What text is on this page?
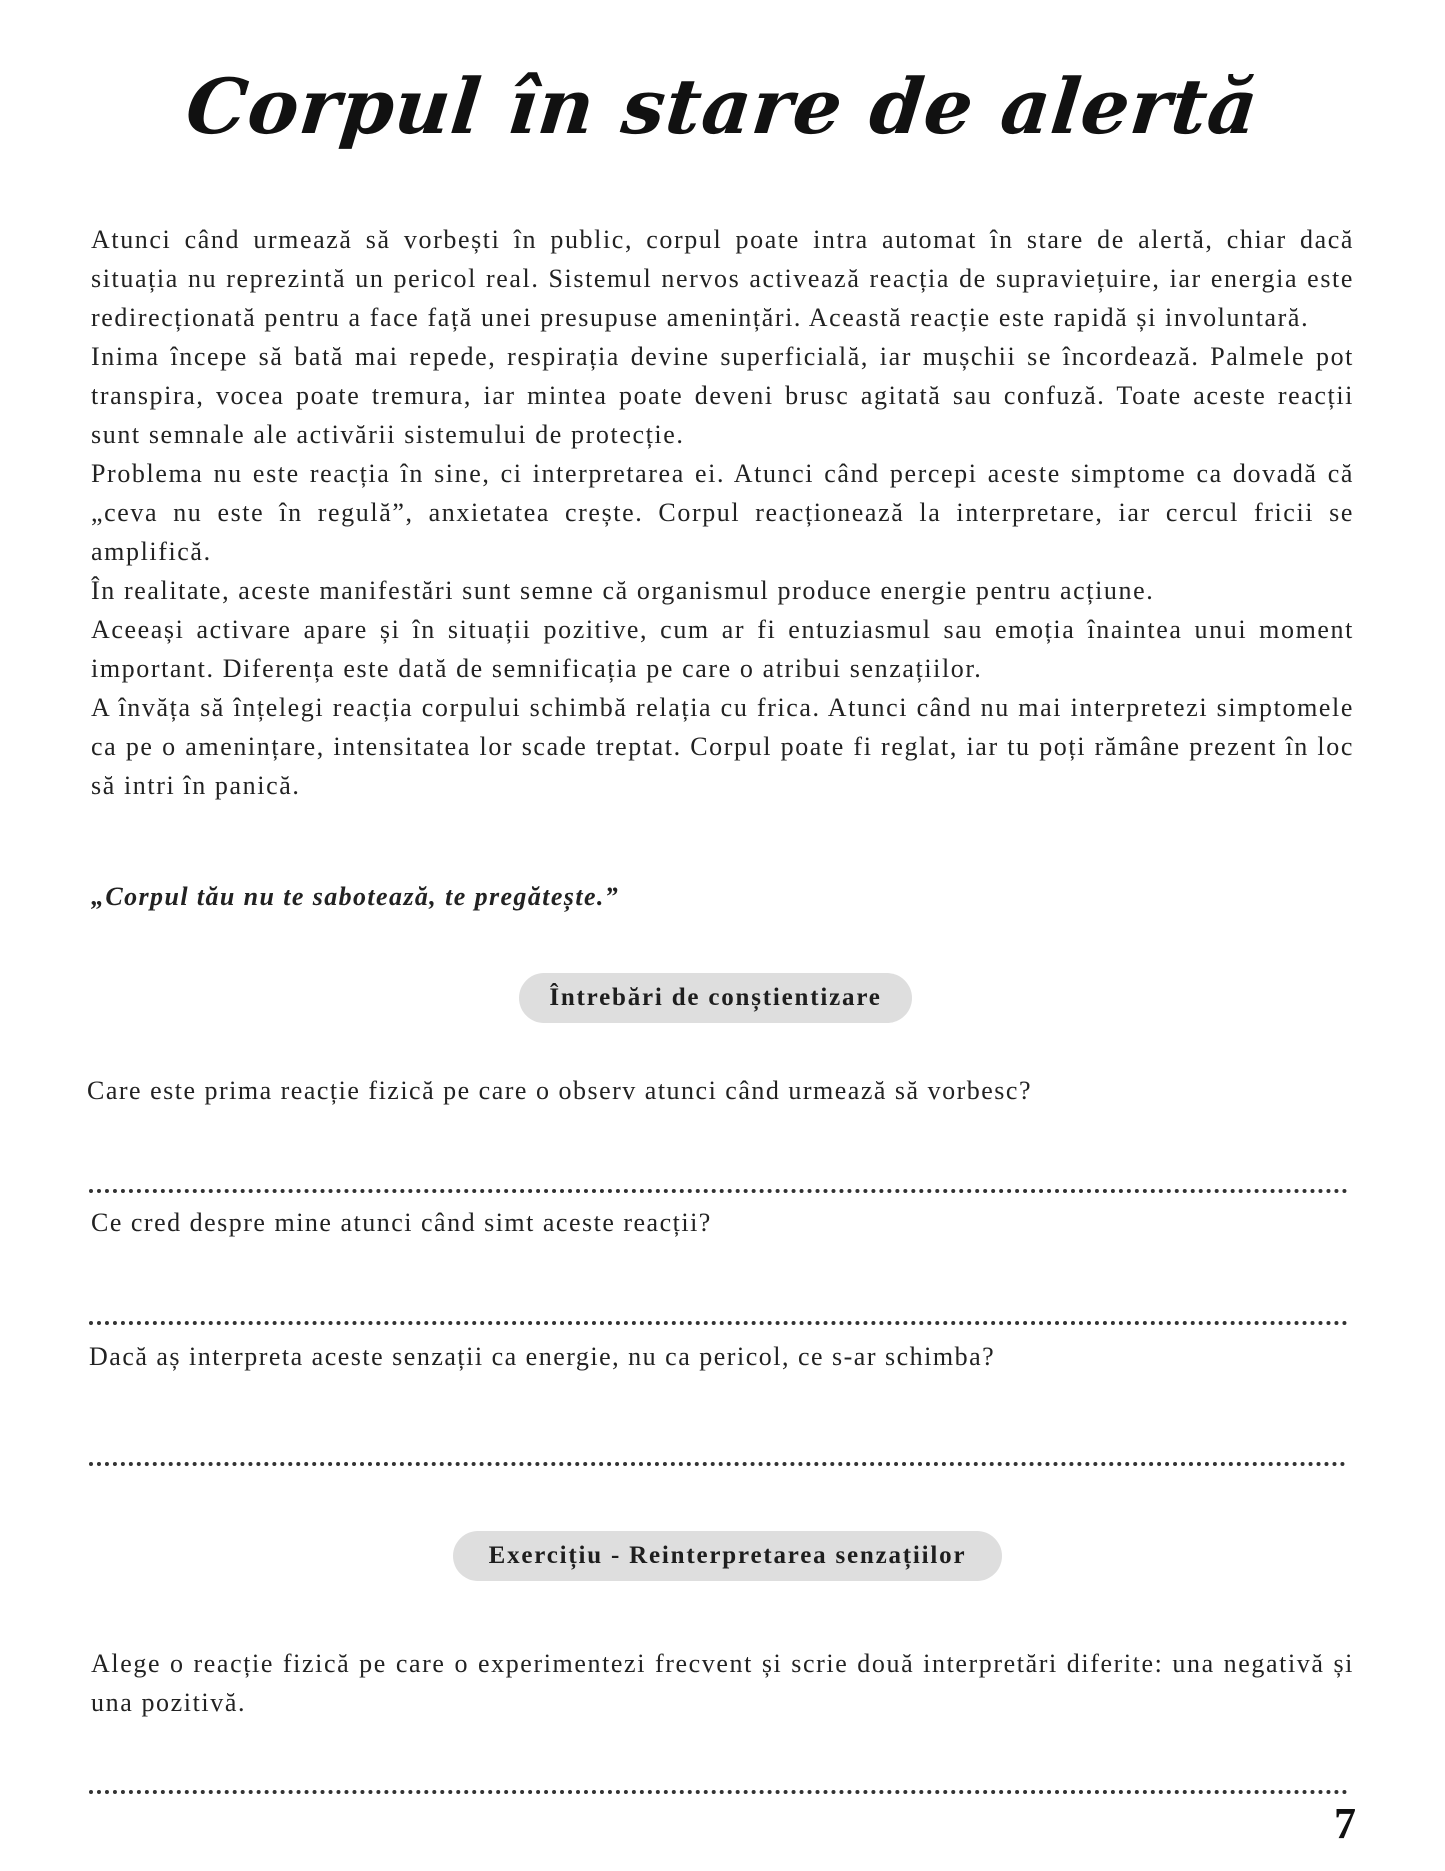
Corpul în stare de alertă

Atunci când urmează să vorbești în public, corpul poate intra automat în stare de alertă, chiar dacă situația nu reprezintă un pericol real. Sistemul nervos activează reacția de supraviețuire, iar energia este redirecționată pentru a face față unei presupuse amenințări. Această reacție este rapidă și involuntară.

Inima începe să bată mai repede, respirația devine superficială, iar mușchii se încordează. Palmele pot transpira, vocea poate tremura, iar mintea poate deveni brusc agitată sau confuză. Toate aceste reacții sunt semnale ale activării sistemului de protecție.

Problema nu este reacția în sine, ci interpretarea ei. Atunci când percepi aceste simptome ca dovadă că „ceva nu este în regulă”, anxietatea crește. Corpul reacționează la interpretare, iar cercul fricii se amplifică.

În realitate, aceste manifestări sunt semne că organismul produce energie pentru acțiune.

Aceeași activare apare și în situații pozitive, cum ar fi entuziasmul sau emoția înaintea unui moment important. Diferența este dată de semnificația pe care o atribui senzațiilor.

A învăța să înțelegi reacția corpului schimbă relația cu frica. Atunci când nu mai interpretezi simptomele ca pe o amenințare, intensitatea lor scade treptat. Corpul poate fi reglat, iar tu poți rămâne prezent în loc să intri în panică.

„Corpul tău nu te sabotează, te pregătește.”
Întrebări de conștientizare
Care este prima reacție fizică pe care o observ atunci când urmează să vorbesc?
Ce cred despre mine atunci când simt aceste reacții?
Dacă aș interpreta aceste senzații ca energie, nu ca pericol, ce s-ar schimba?
Exercițiu - Reinterpretarea senzațiilor
Alege o reacție fizică pe care o experimentezi frecvent și scrie două interpretări diferite: una negativă și una pozitivă.
7
